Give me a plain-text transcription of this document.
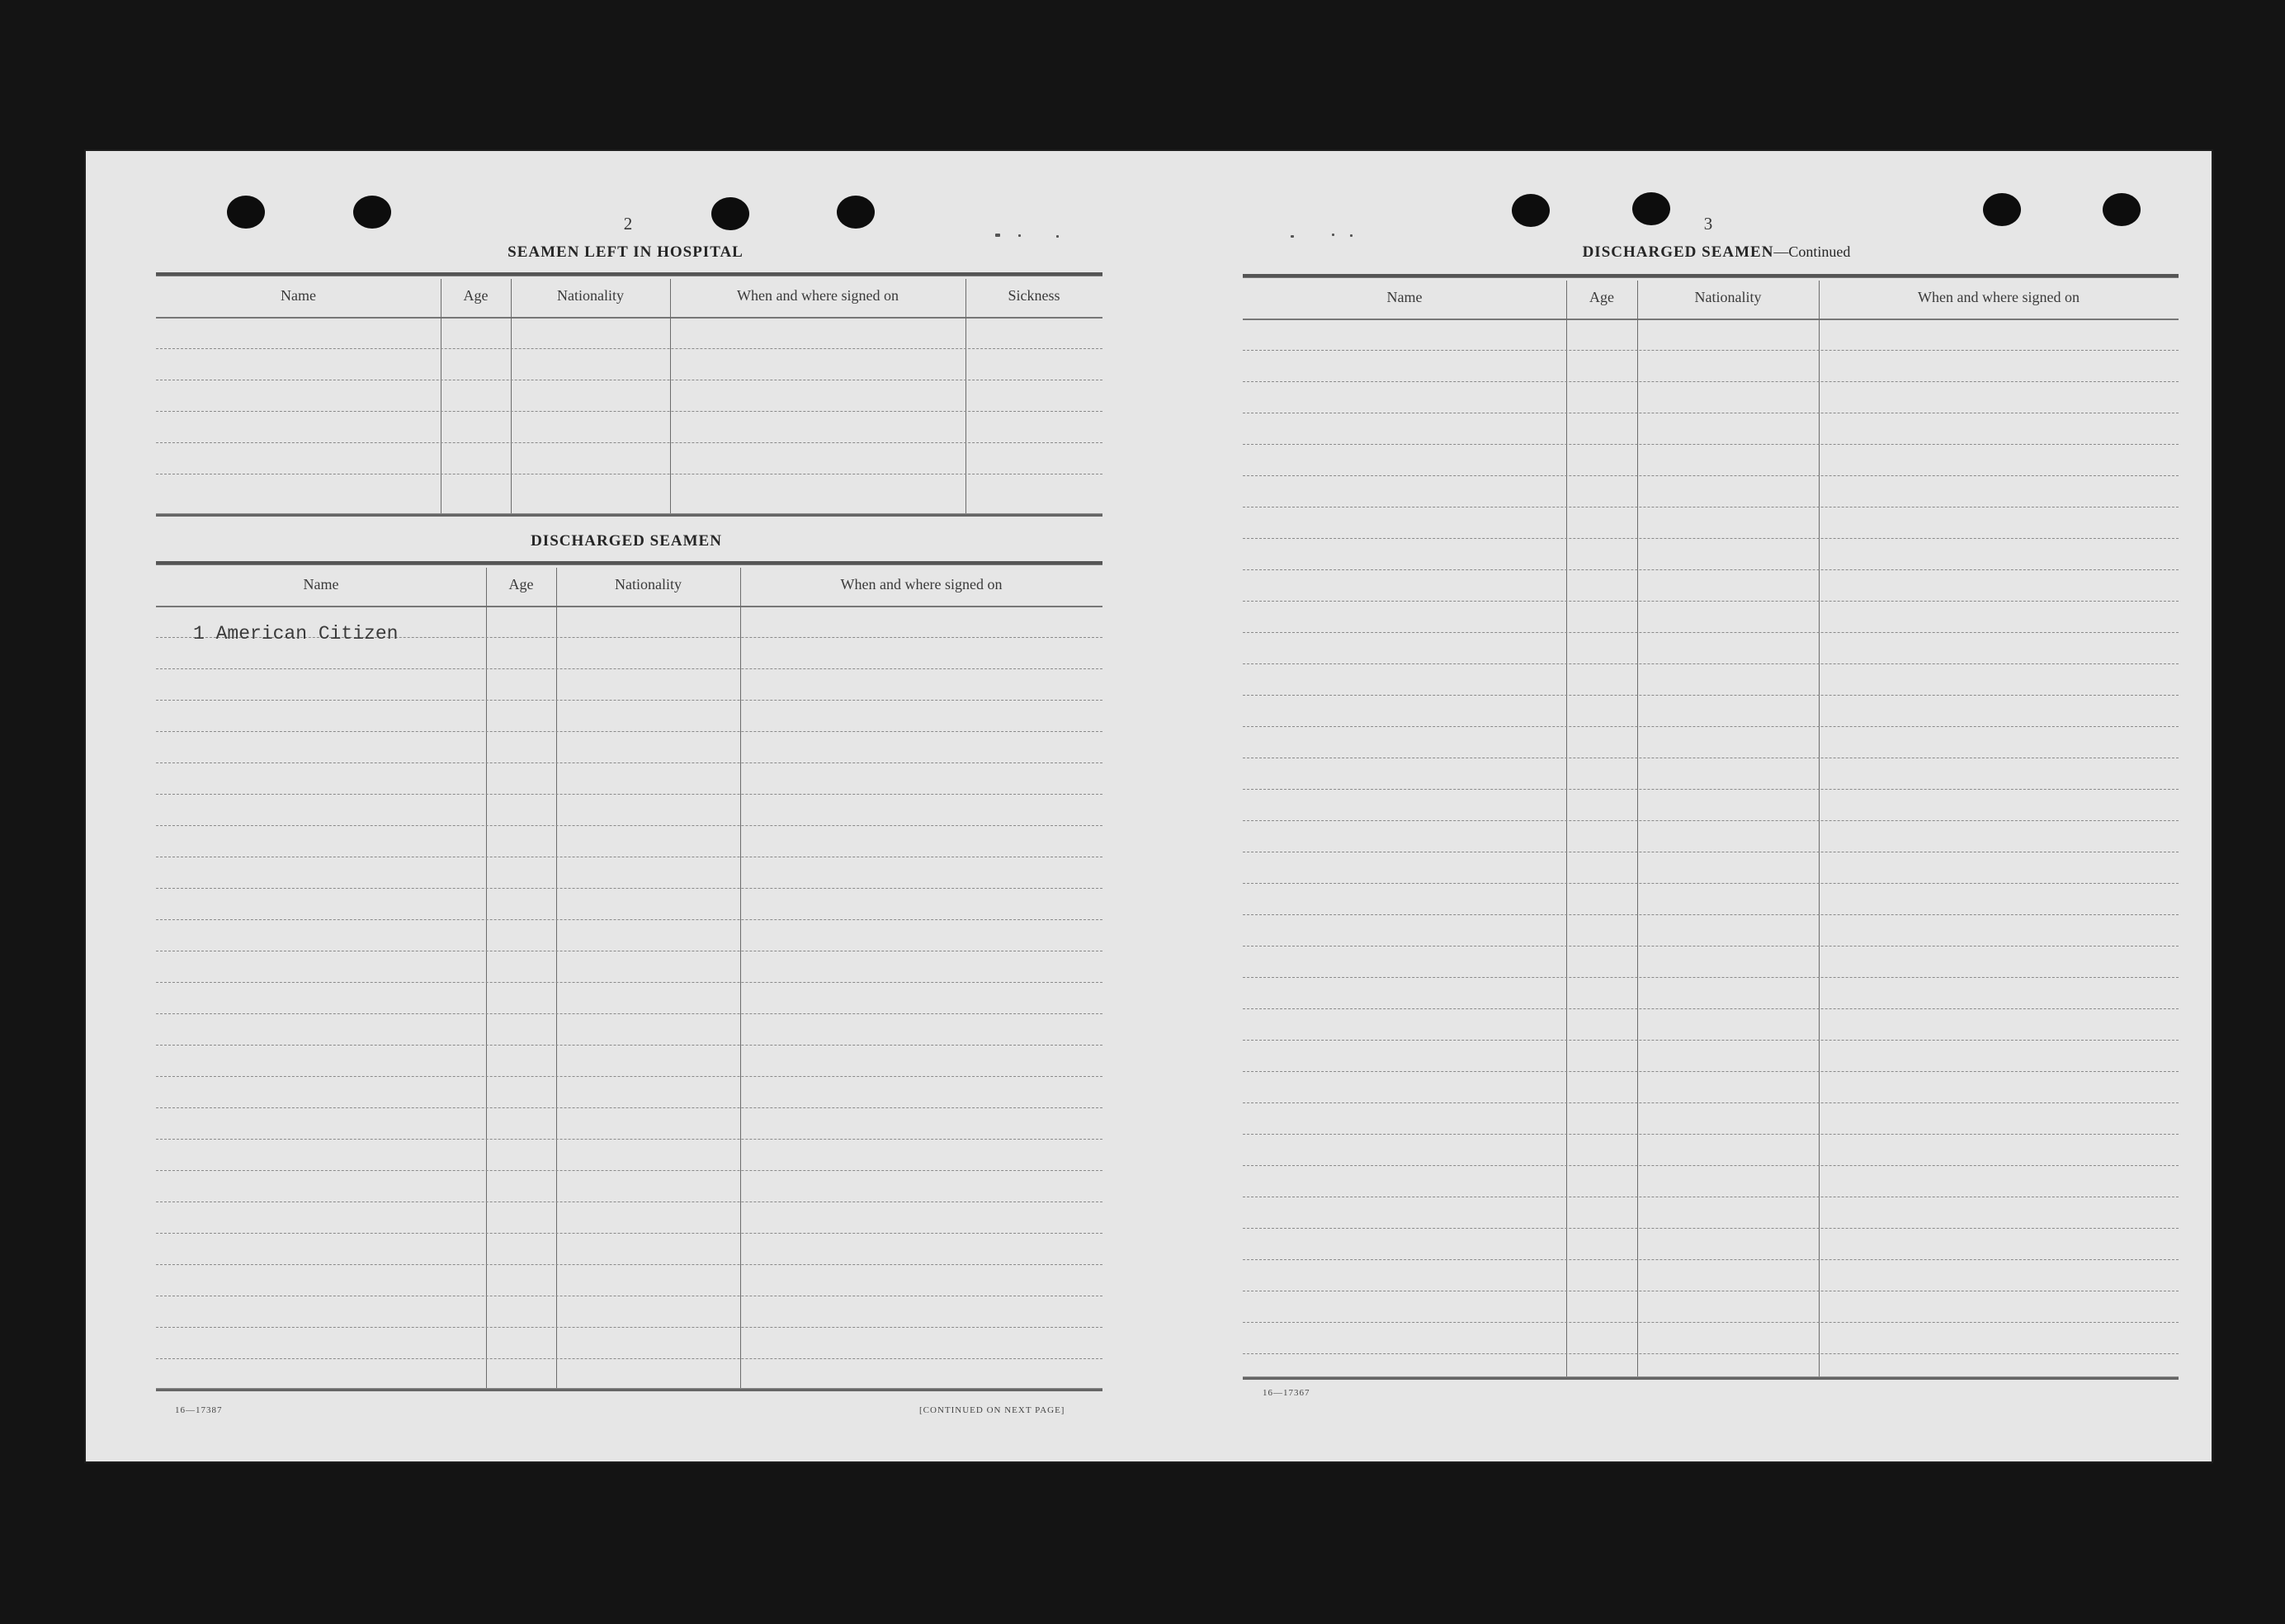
2
SEAMEN LEFT IN HOSPITAL
Name	Age	Nationality	When and where signed on	Sickness
DISCHARGED SEAMEN
Name	Age	Nationality	When and where signed on
1 American Citizen
16—17387	[CONTINUED ON NEXT PAGE]
3
DISCHARGED SEAMEN—Continued
Name	Age	Nationality	When and where signed on
16—17367
